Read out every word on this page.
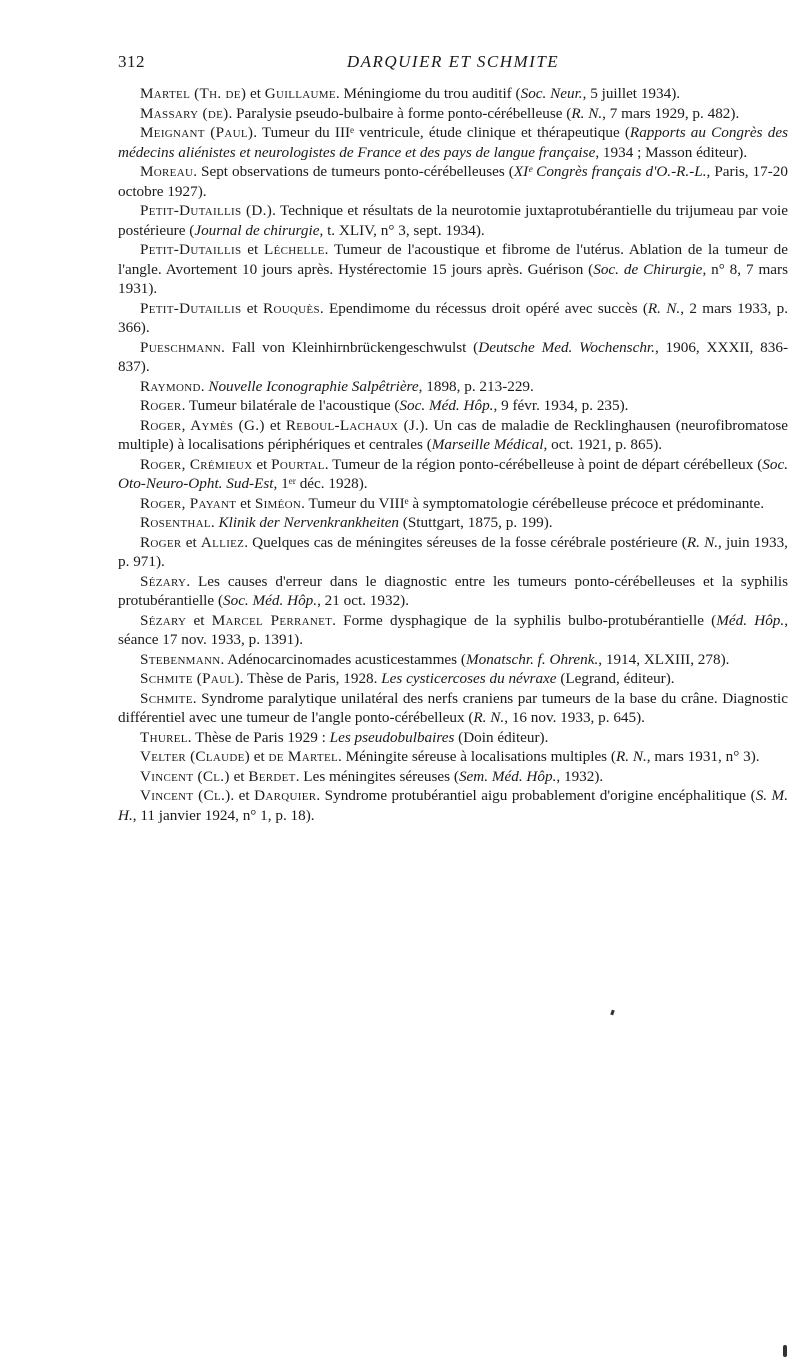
312	DARQUIER ET SCHMITE

Martel (Th. de) et Guillaume. Méningiome du trou auditif (Soc. Neur., 5 juillet 1934).

Massary (de). Paralysie pseudo-bulbaire à forme ponto-cérébelleuse (R. N., 7 mars 1929, p. 482).

Meignant (Paul). Tumeur du IIIᵉ ventricule, étude clinique et thérapeutique (Rapports au Congrès des médecins aliénistes et neurologistes de France et des pays de langue française, 1934 ; Masson éditeur).

Moreau. Sept observations de tumeurs ponto-cérébelleuses (XIᵉ Congrès français d'O.-R.-L., Paris, 17-20 octobre 1927).

Petit-Dutaillis (D.). Technique et résultats de la neurotomie juxtaprotubérantielle du trijumeau par voie postérieure (Journal de chirurgie, t. XLIV, n° 3, sept. 1934).

Petit-Dutaillis et Léchelle. Tumeur de l'acoustique et fibrome de l'utérus. Ablation de la tumeur de l'angle. Avortement 10 jours après. Hystérectomie 15 jours après. Guérison (Soc. de Chirurgie, n° 8, 7 mars 1931).

Petit-Dutaillis et Rouquès. Ependimome du récessus droit opéré avec succès (R. N., 2 mars 1933, p. 366).

Pueschmann. Fall von Kleinhirnbrückengeschwulst (Deutsche Med. Wochenschr., 1906, XXXII, 836-837).

Raymond. Nouvelle Iconographie Salpêtrière, 1898, p. 213-229.

Roger. Tumeur bilatérale de l'acoustique (Soc. Méd. Hôp., 9 févr. 1934, p. 235).

Roger, Aymès (G.) et Reboul-Lachaux (J.). Un cas de maladie de Recklinghausen (neurofibromatose multiple) à localisations périphériques et centrales (Marseille Médical, oct. 1921, p. 865).

Roger, Crémieux et Pourtal. Tumeur de la région ponto-cérébelleuse à point de départ cérébelleux (Soc. Oto-Neuro-Opht. Sud-Est, 1ᵉʳ déc. 1928).

Roger, Payant et Siméon. Tumeur du VIIIᵉ à symptomatologie cérébelleuse précoce et prédominante.

Rosenthal. Klinik der Nervenkrankheiten (Stuttgart, 1875, p. 199).

Roger et Alliez. Quelques cas de méningites séreuses de la fosse cérébrale postérieure (R. N., juin 1933, p. 971).

Sézary. Les causes d'erreur dans le diagnostic entre les tumeurs ponto-cérébelleuses et la syphilis protubérantielle (Soc. Méd. Hôp., 21 oct. 1932).

Sézary et Marcel Perranet. Forme dysphagique de la syphilis bulbo-protubérantielle (Méd. Hôp., séance 17 nov. 1933, p. 1391).

Stebenmann. Adénocarcinomades acusticestammes (Monatschr. f. Ohrenk., 1914, XLXIII, 278).

Schmite (Paul). Thèse de Paris, 1928. Les cysticercoses du névraxe (Legrand, éditeur).

Schmite. Syndrome paralytique unilatéral des nerfs craniens par tumeurs de la base du crâne. Diagnostic différentiel avec une tumeur de l'angle ponto-cérébelleux (R. N., 16 nov. 1933, p. 645).

Thurel. Thèse de Paris 1929 : Les pseudobulbaires (Doin éditeur).

Velter (Claude) et de Martel. Méningite séreuse à localisations multiples (R. N., mars 1931, n° 3).

Vincent (Cl.) et Berdet. Les méningites séreuses (Sem. Méd. Hôp., 1932).

Vincent (Cl.). et Darquier. Syndrome protubérantiel aigu probablement d'origine encéphalitique (S. M. H., 11 janvier 1924, n° 1, p. 18).
